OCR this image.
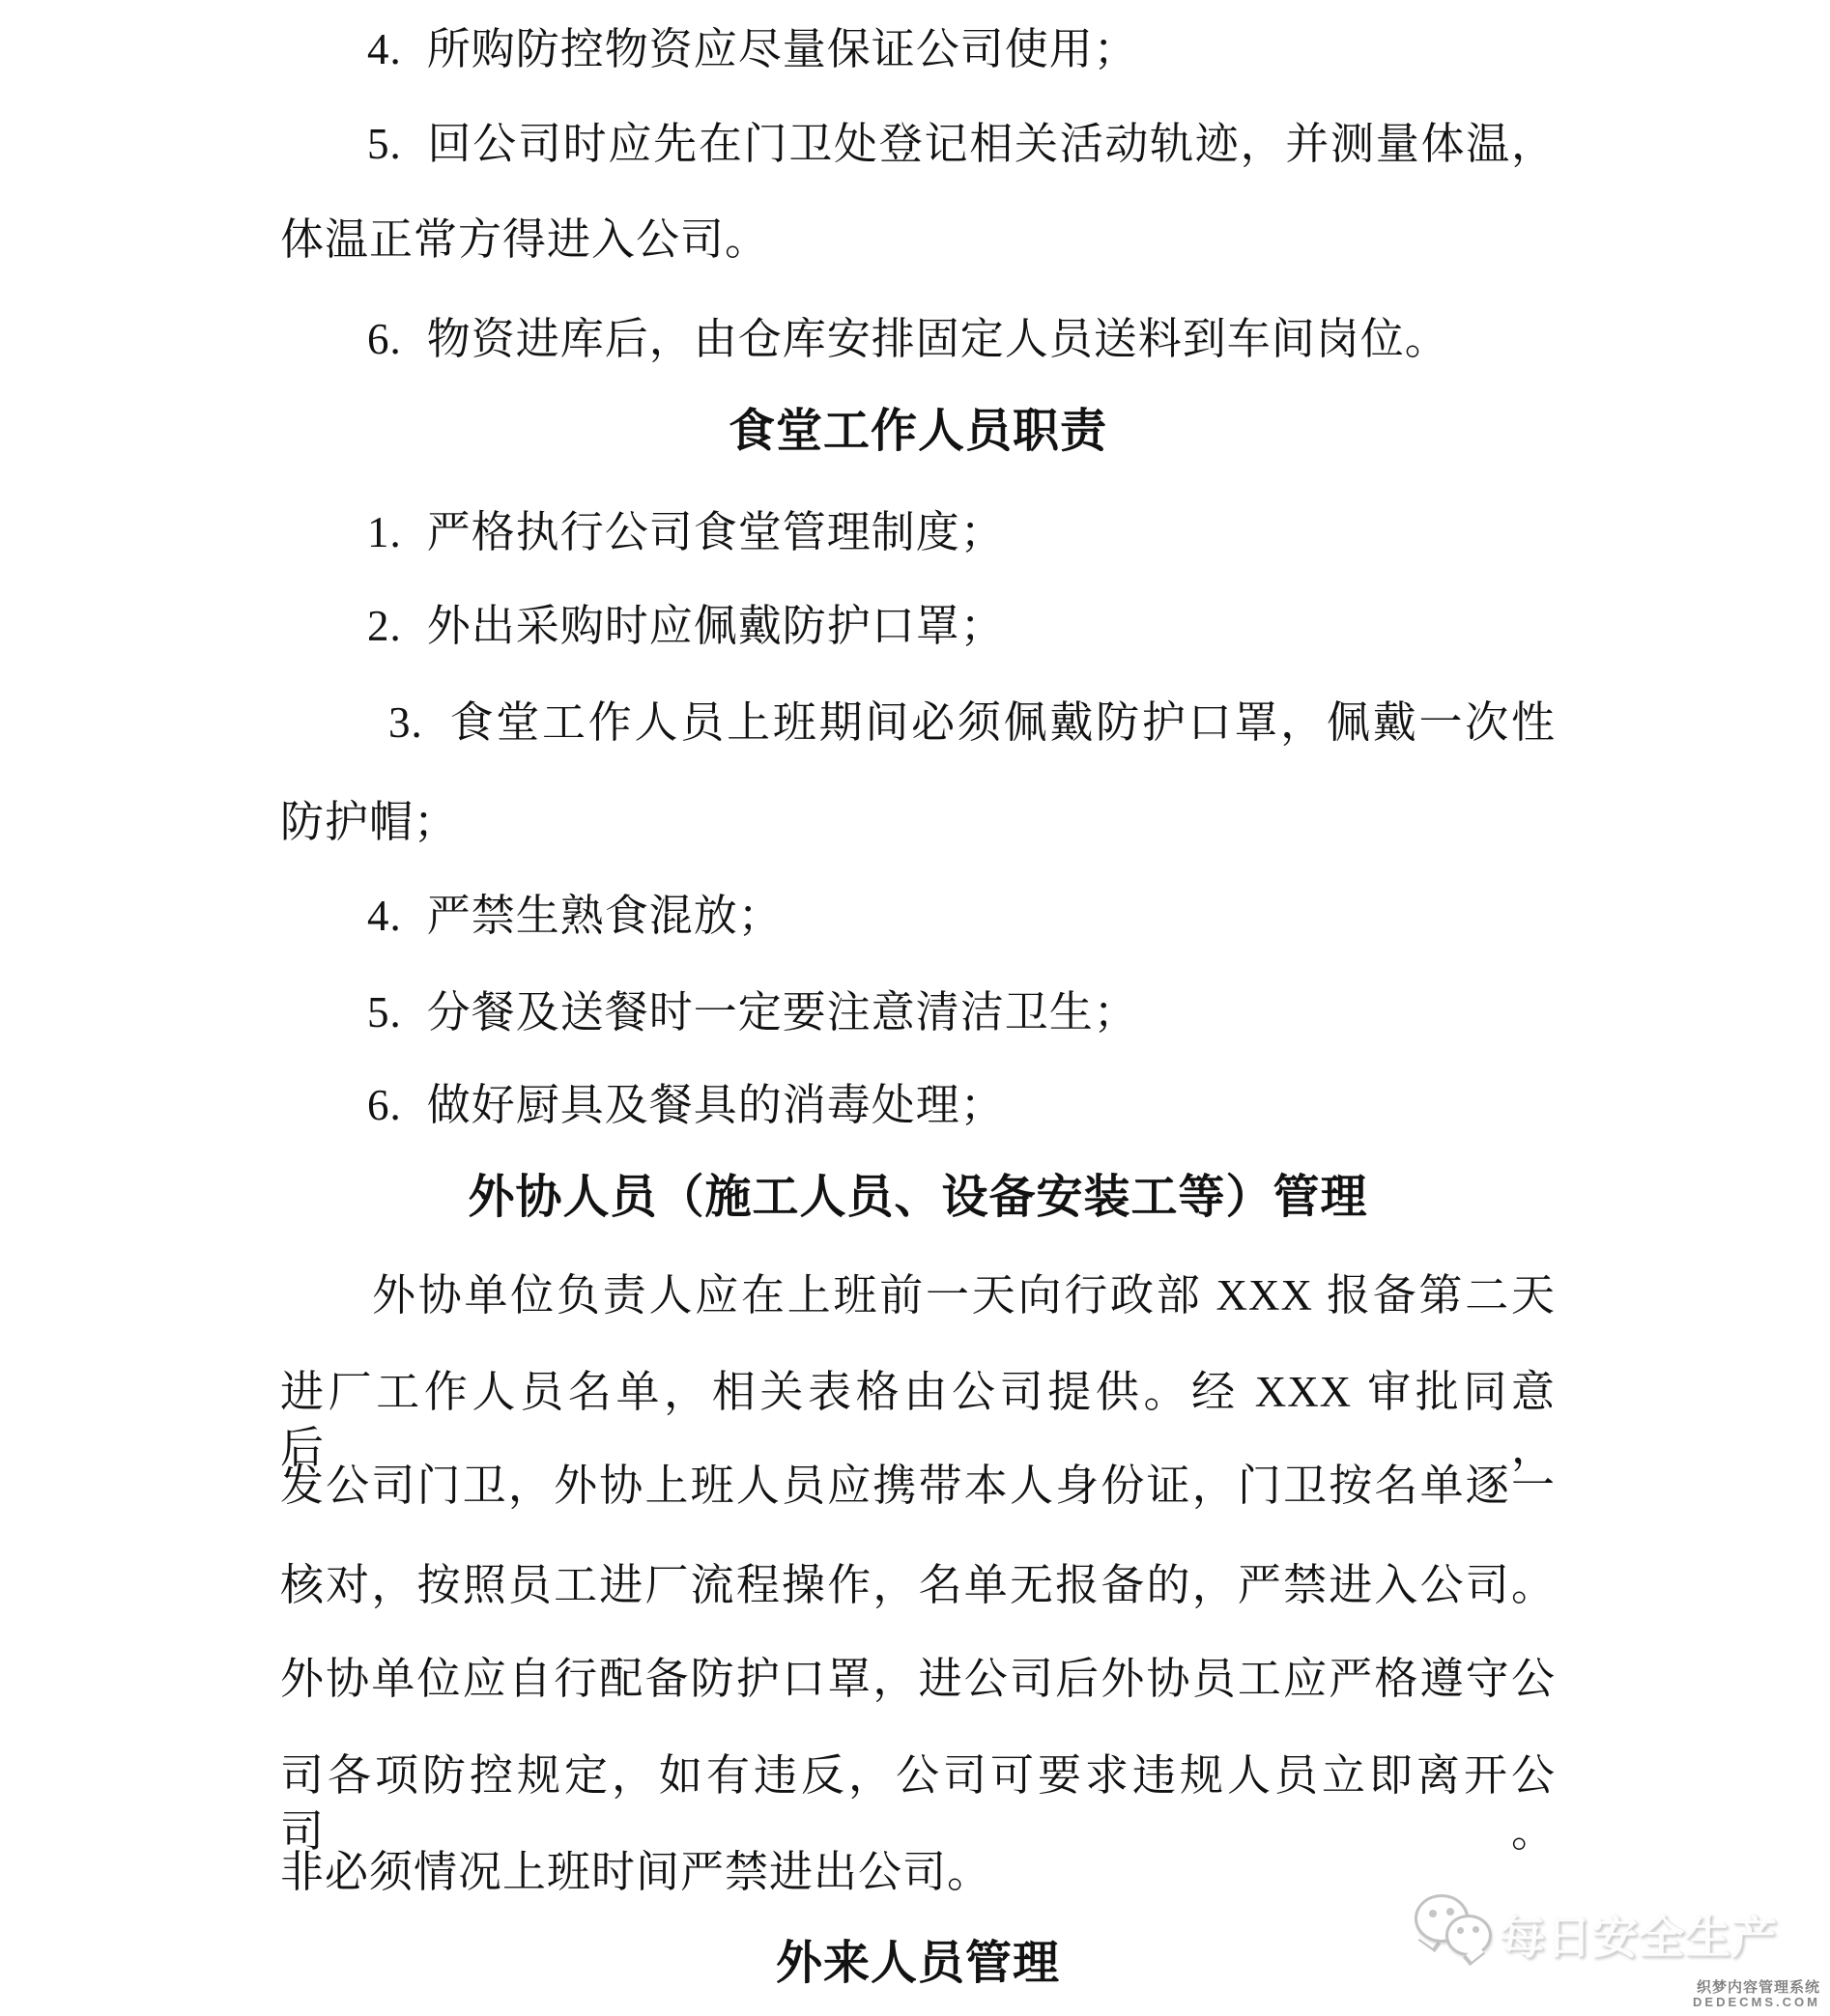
4. 所购防控物资应尽量保证公司使用；
5. 回公司时应先在门卫处登记相关活动轨迹，并测量体温，
体温正常方得进入公司。
6. 物资进库后，由仓库安排固定人员送料到车间岗位。
食堂工作人员职责
1. 严格执行公司食堂管理制度；
2. 外出采购时应佩戴防护口罩；
3. 食堂工作人员上班期间必须佩戴防护口罩，佩戴一次性
防护帽；
4. 严禁生熟食混放；
5. 分餐及送餐时一定要注意清洁卫生；
6. 做好厨具及餐具的消毒处理；
外协人员（施工人员、设备安装工等）管理
外协单位负责人应在上班前一天向行政部 XXX 报备第二天
进厂工作人员名单，相关表格由公司提供。经 XXX 审批同意后，
发公司门卫，外协上班人员应携带本人身份证，门卫按名单逐一
核对，按照员工进厂流程操作，名单无报备的，严禁进入公司。
外协单位应自行配备防护口罩，进公司后外协员工应严格遵守公
司各项防控规定，如有违反，公司可要求违规人员立即离开公司。
非必须情况上班时间严禁进出公司。
外来人员管理	每日安全生产
织梦内容管理系统
DEDECMS.COM
